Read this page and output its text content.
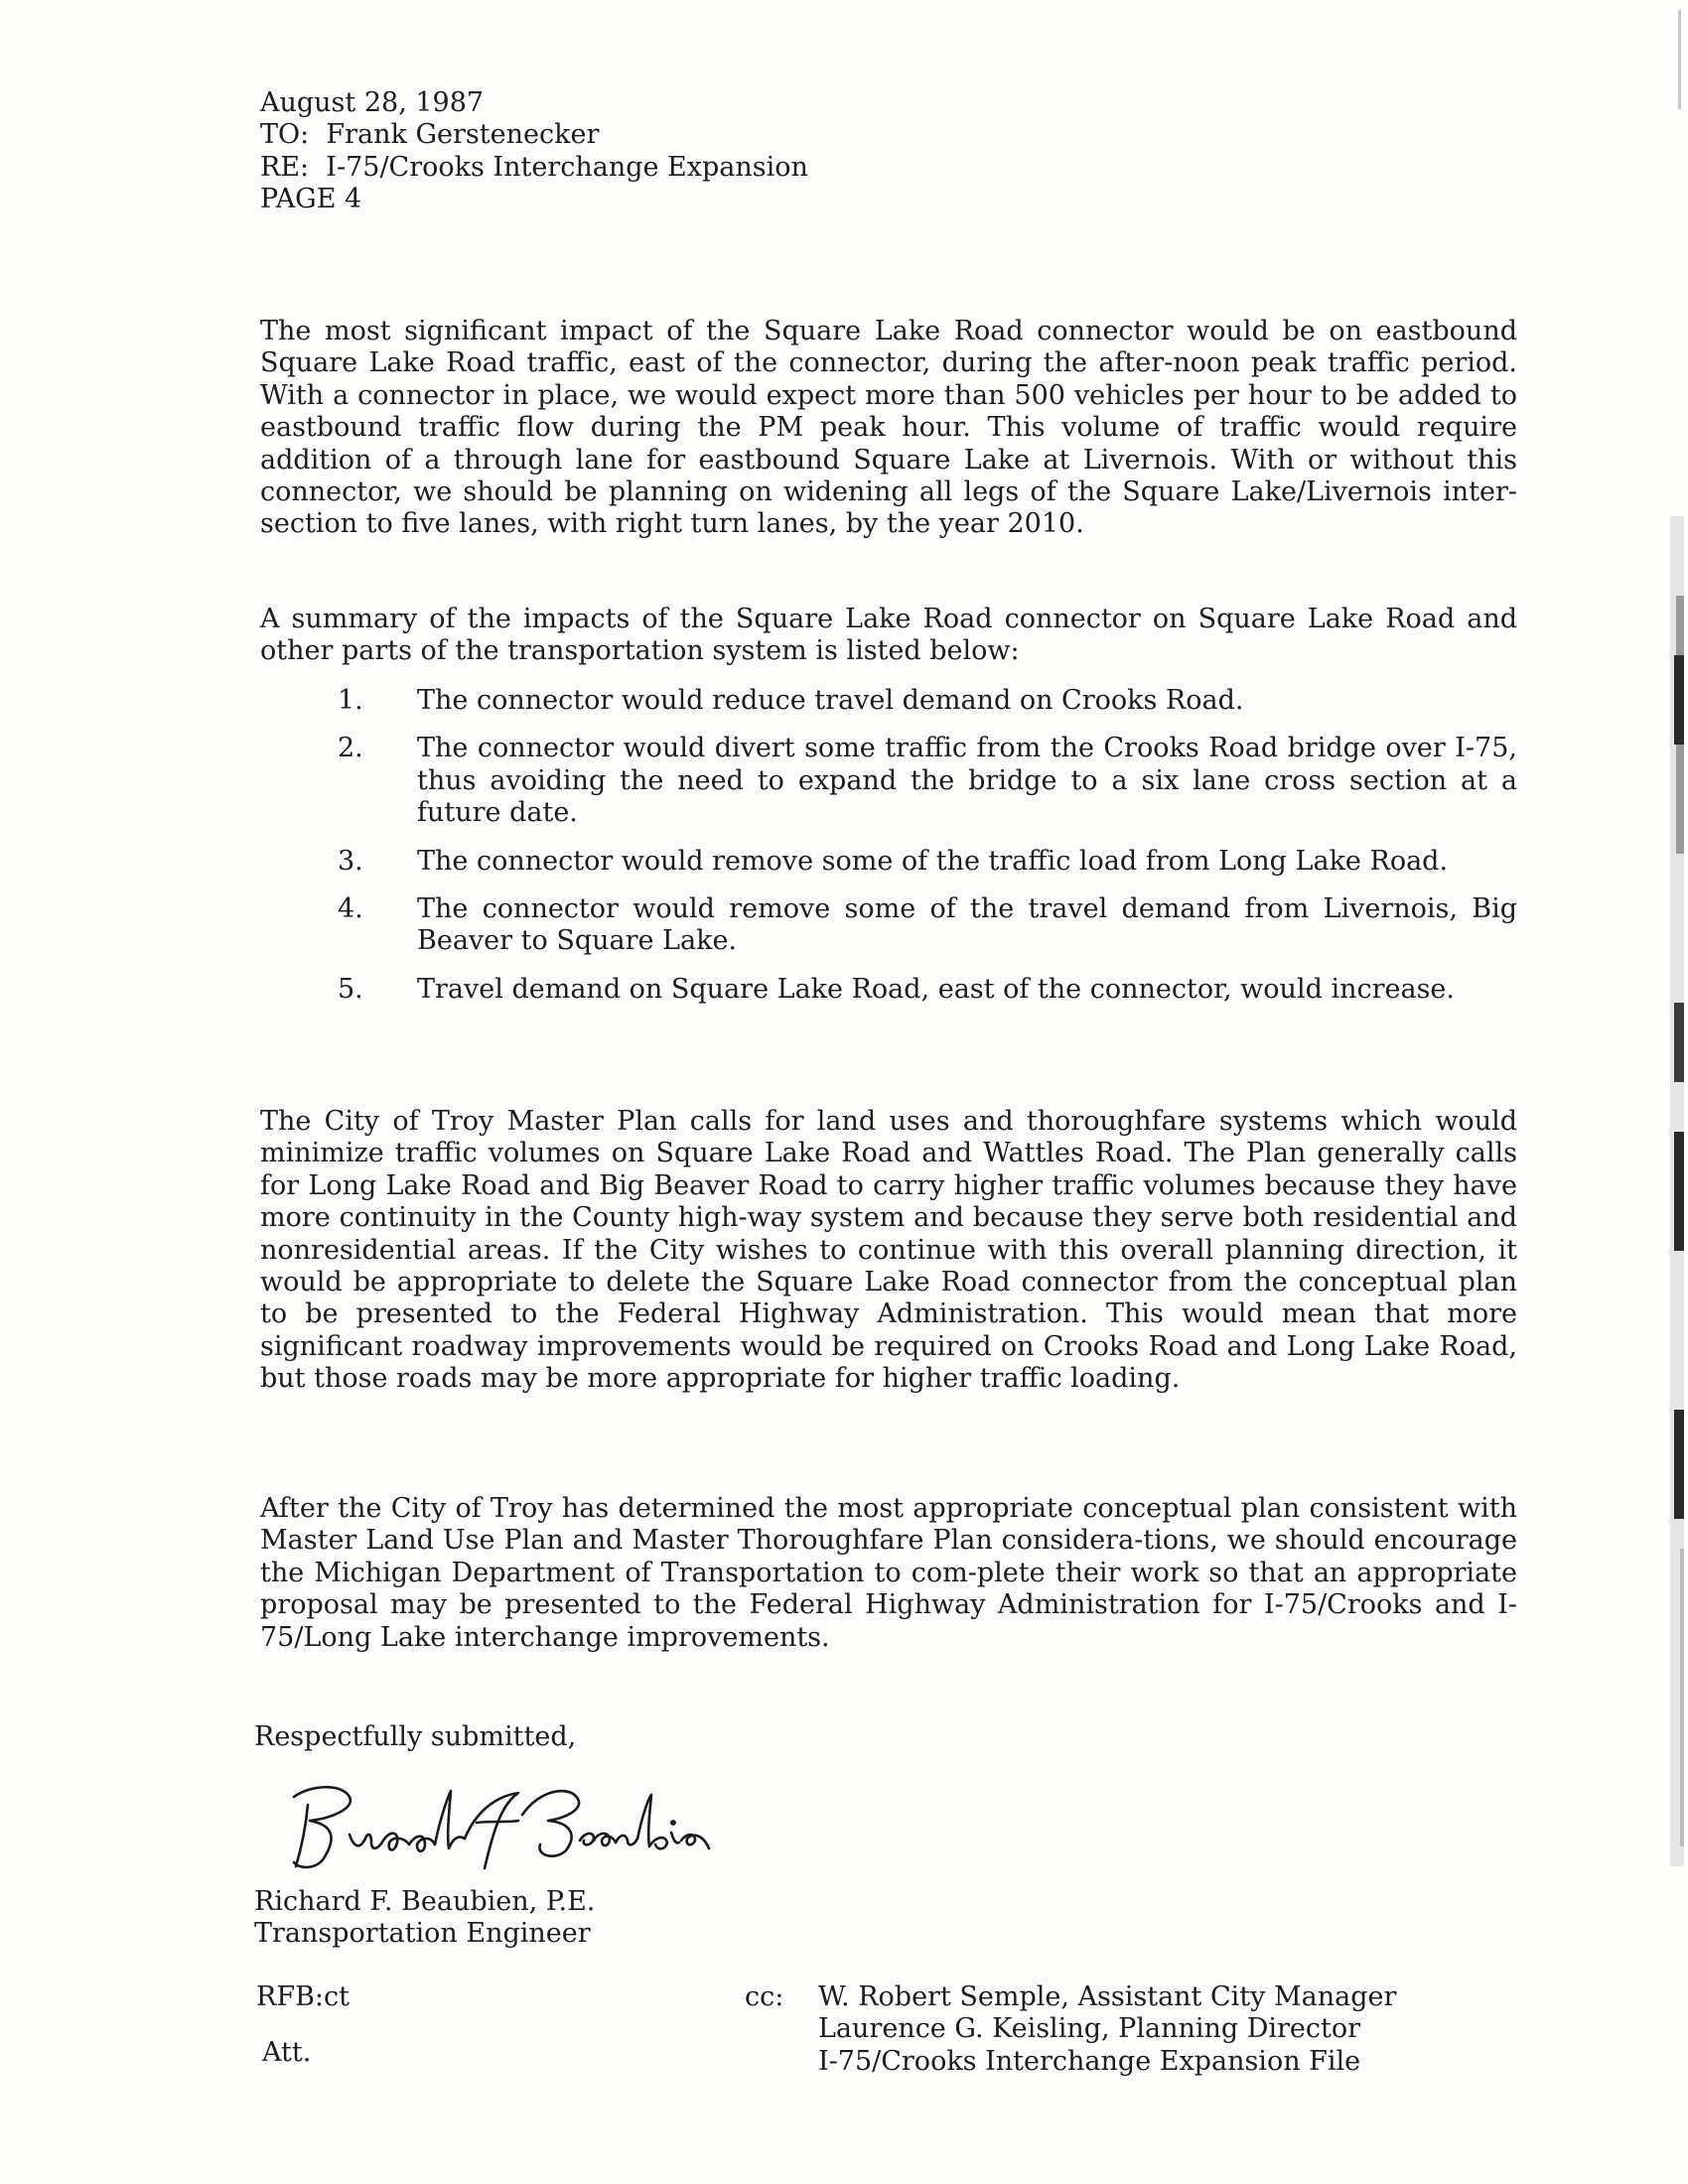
August 28, 1987
TO:  Frank Gerstenecker
RE:  I-75/Crooks Interchange Expansion
PAGE 4
The most significant impact of the Square Lake Road connector would be on eastbound Square Lake Road traffic, east of the connector, during the after-noon peak traffic period. With a connector in place, we would expect more than 500 vehicles per hour to be added to eastbound traffic flow during the PM peak hour. This volume of traffic would require addition of a through lane for eastbound Square Lake at Livernois. With or without this connector, we should be planning on widening all legs of the Square Lake/Livernois inter-section to five lanes, with right turn lanes, by the year 2010.
A summary of the impacts of the Square Lake Road connector on Square Lake Road and other parts of the transportation system is listed below:
1. The connector would reduce travel demand on Crooks Road.
2. The connector would divert some traffic from the Crooks Road bridge over I-75, thus avoiding the need to expand the bridge to a six lane cross section at a future date.
3. The connector would remove some of the traffic load from Long Lake Road.
4. The connector would remove some of the travel demand from Livernois, Big Beaver to Square Lake.
5. Travel demand on Square Lake Road, east of the connector, would increase.
The City of Troy Master Plan calls for land uses and thoroughfare systems which would minimize traffic volumes on Square Lake Road and Wattles Road. The Plan generally calls for Long Lake Road and Big Beaver Road to carry higher traffic volumes because they have more continuity in the County high-way system and because they serve both residential and nonresidential areas. If the City wishes to continue with this overall planning direction, it would be appropriate to delete the Square Lake Road connector from the conceptual plan to be presented to the Federal Highway Administration. This would mean that more significant roadway improvements would be required on Crooks Road and Long Lake Road, but those roads may be more appropriate for higher traffic loading.
After the City of Troy has determined the most appropriate conceptual plan consistent with Master Land Use Plan and Master Thoroughfare Plan considera-tions, we should encourage the Michigan Department of Transportation to com-plete their work so that an appropriate proposal may be presented to the Federal Highway Administration for I-75/Crooks and I-75/Long Lake interchange improvements.
Respectfully submitted,
Richard F. Beaubien, P.E.
Transportation Engineer
RFB:ct
Att.
cc: W. Robert Semple, Assistant City Manager
Laurence G. Keisling, Planning Director
I-75/Crooks Interchange Expansion File
